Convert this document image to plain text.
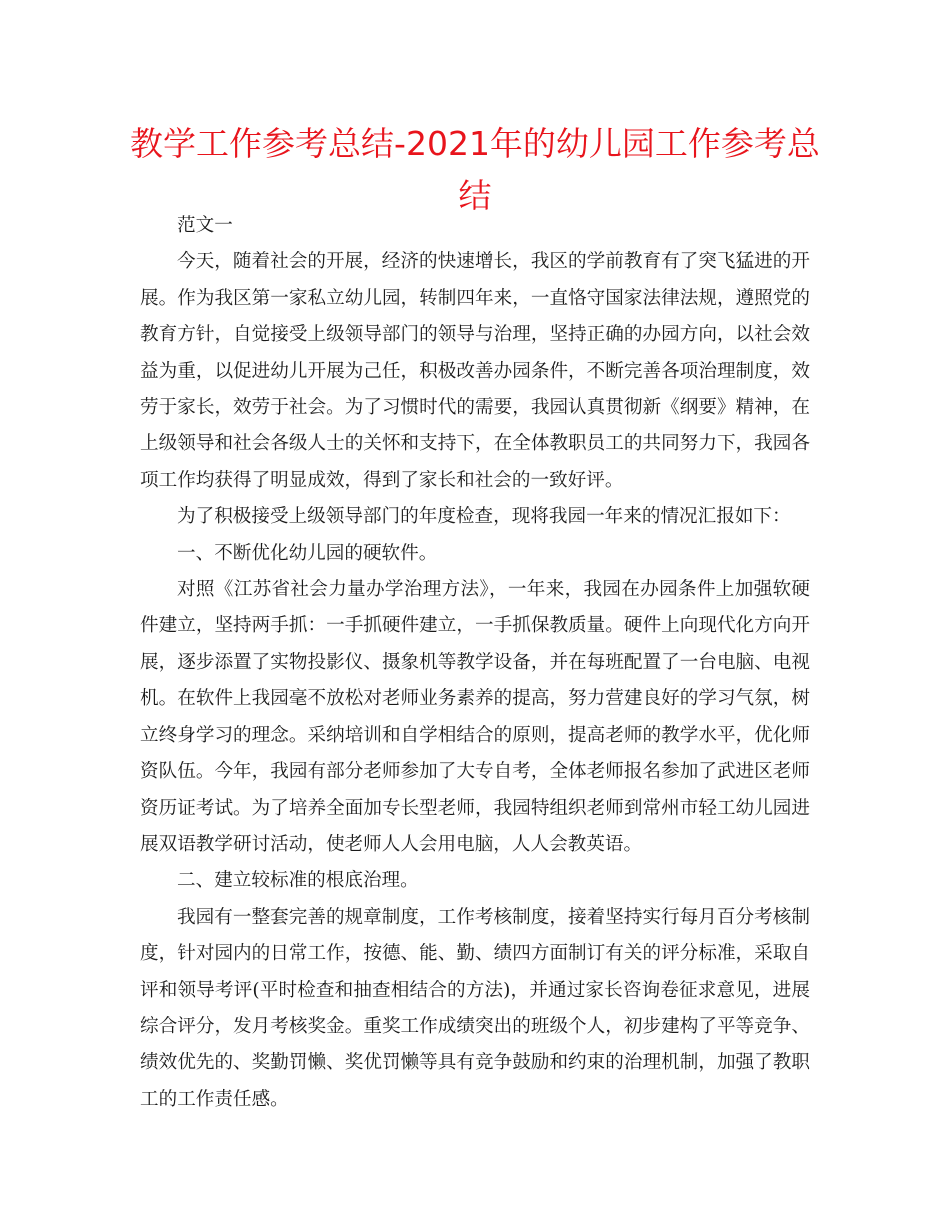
教学工作参考总结-2021年的幼儿园工作参考总结

范文一

今天，随着社会的开展，经济的快速增长，我区的学前教育有了突飞猛进的开展。作为我区第一家私立幼儿园，转制四年来，一直恪守国家法律法规，遵照党的教育方针，自觉接受上级领导部门的领导与治理，坚持正确的办园方向，以社会效益为重，以促进幼儿开展为己任，积极改善办园条件，不断完善各项治理制度，效劳于家长，效劳于社会。为了习惯时代的需要，我园认真贯彻新《纲要》精神，在上级领导和社会各级人士的关怀和支持下，在全体教职员工的共同努力下，我园各项工作均获得了明显成效，得到了家长和社会的一致好评。

为了积极接受上级领导部门的年度检查，现将我园一年来的情况汇报如下：

一、不断优化幼儿园的硬软件。

对照《江苏省社会力量办学治理方法》，一年来，我园在办园条件上加强软硬件建立，坚持两手抓：一手抓硬件建立，一手抓保教质量。硬件上向现代化方向开展，逐步添置了实物投影仪、摄象机等教学设备，并在每班配置了一台电脑、电视机。在软件上我园毫不放松对老师业务素养的提高，努力营建良好的学习气氛，树立终身学习的理念。采纳培训和自学相结合的原则，提高老师的教学水平，优化师资队伍。今年，我园有部分老师参加了大专自考，全体老师报名参加了武进区老师资历证考试。为了培养全面加专长型老师，我园特组织老师到常州市轻工幼儿园进展双语教学研讨活动，使老师人人会用电脑，人人会教英语。

二、建立较标准的根底治理。

我园有一整套完善的规章制度，工作考核制度，接着坚持实行每月百分考核制度，针对园内的日常工作，按德、能、勤、绩四方面制订有关的评分标准，采取自评和领导考评(平时检查和抽查相结合的方法)，并通过家长咨询卷征求意见，进展综合评分，发月考核奖金。重奖工作成绩突出的班级个人，初步建构了平等竞争、绩效优先的、奖勤罚懒、奖优罚懒等具有竞争鼓励和约束的治理机制，加强了教职工的工作责任感。
